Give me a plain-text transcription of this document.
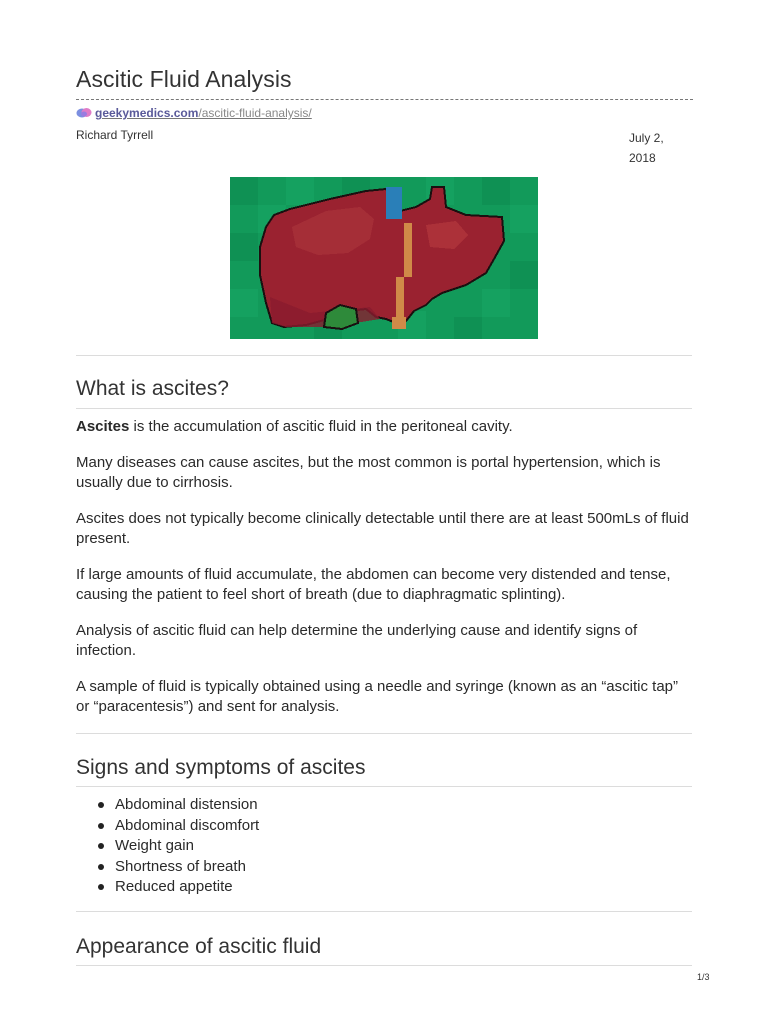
Ascitic Fluid Analysis
geekymedics.com/ascitic-fluid-analysis/
Richard Tyrrell	July 2, 2018
What is ascites?

Ascites is the accumulation of ascitic fluid in the peritoneal cavity.

Many diseases can cause ascites, but the most common is portal hypertension, which is usually due to cirrhosis.

Ascites does not typically become clinically detectable until there are at least 500mLs of fluid present.

If large amounts of fluid accumulate, the abdomen can become very distended and tense, causing the patient to feel short of breath (due to diaphragmatic splinting).

Analysis of ascitic fluid can help determine the underlying cause and identify signs of infection.

A sample of fluid is typically obtained using a needle and syringe (known as an “ascitic tap” or “paracentesis”) and sent for analysis.

Signs and symptoms of ascites
Abdominal distension
Abdominal discomfort
Weight gain
Shortness of breath
Reduced appetite
Appearance of ascitic fluid
1/3
